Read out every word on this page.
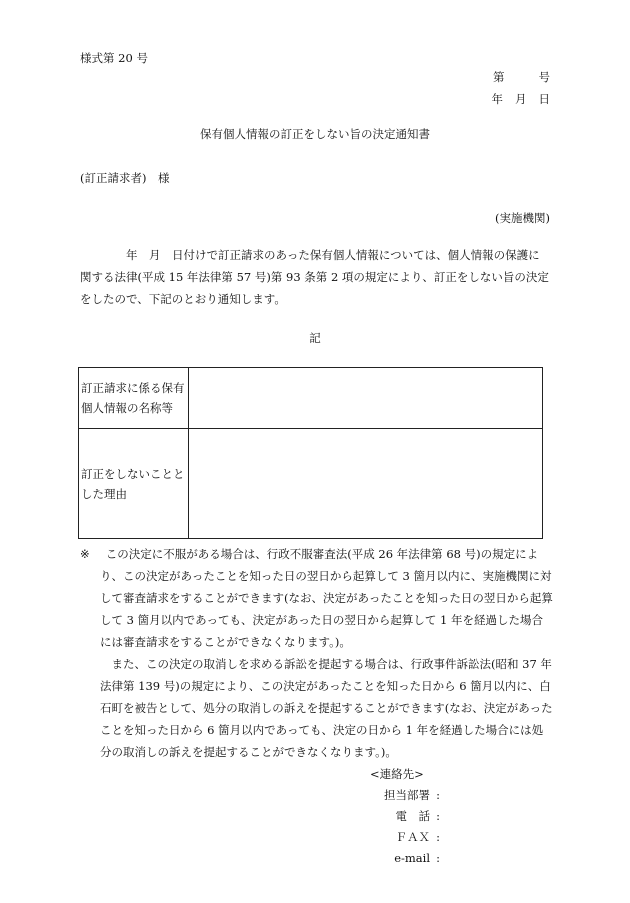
様式第 20 号
第	号
年 月 日
保有個人情報の訂正をしない旨の決定通知書
(訂正請求者)　様
(実施機関)
年　月　日付けで訂正請求のあった保有個人情報については、個人情報の保護に関する法律(平成 15 年法律第 57 号)第 93 条第 2 項の規定により、訂正をしない旨の決定をしたので、下記のとおり通知します。
記
訂正請求に係る保有個人情報の名称等
訂正をしないこととした理由
※	この決定に不服がある場合は、行政不服審査法(平成 26 年法律第 68 号)の規定により、この決定があったことを知った日の翌日から起算して 3 箇月以内に、実施機関に対して審査請求をすることができます(なお、決定があったことを知った日の翌日から起算して 3 箇月以内であっても、決定があった日の翌日から起算して 1 年を経過した場合には審査請求をすることができなくなります。)。

また、この決定の取消しを求める訴訟を提起する場合は、行政事件訴訟法(昭和 37 年法律第 139 号)の規定により、この決定があったことを知った日から 6 箇月以内に、白石町を被告として、処分の取消しの訴えを提起することができます(なお、決定があったことを知った日から 6 箇月以内であっても、決定の日から 1 年を経過した場合には処分の取消しの訴えを提起することができなくなります。)。

<連絡先>
担当部署 :
電　話 :
ＦＡＸ :
e-mail :
